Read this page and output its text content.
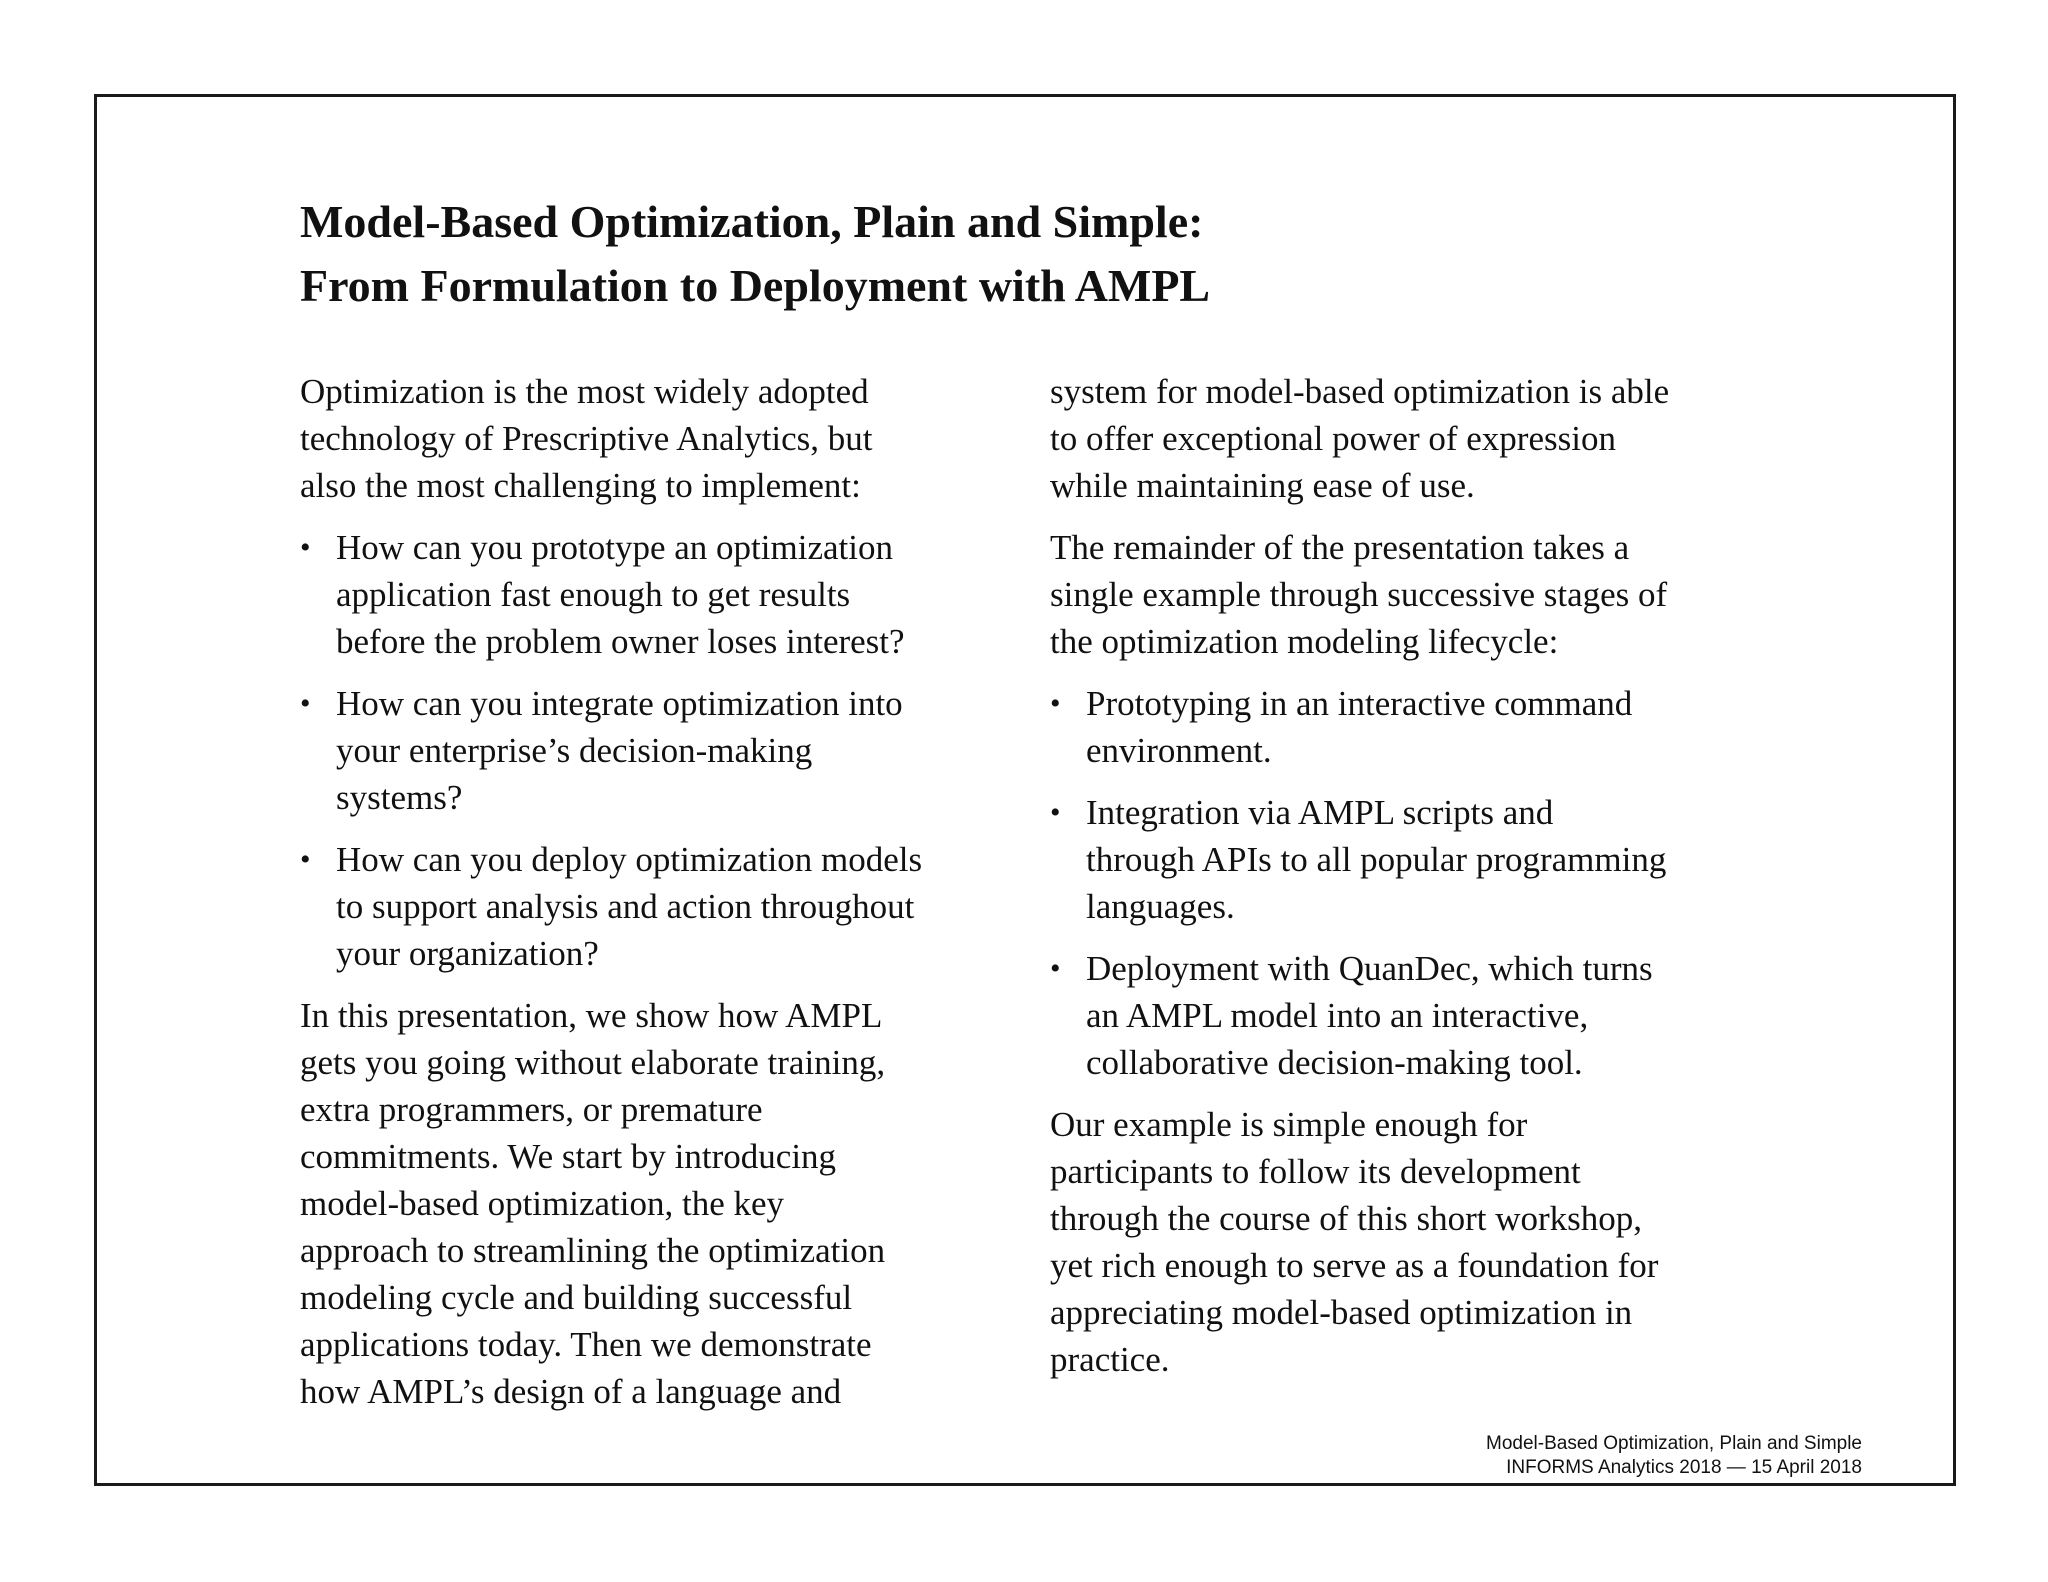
Model-Based Optimization, Plain and Simple:
From Formulation to Deployment with AMPL
Optimization is the most widely adopted
technology of Prescriptive Analytics, but
also the most challenging to implement:
• How can you prototype an optimization
application fast enough to get results
before the problem owner loses interest?
• How can you integrate optimization into
your enterprise’s decision-making
systems?
• How can you deploy optimization models
to support analysis and action throughout
your organization?
In this presentation, we show how AMPL
gets you going without elaborate training,
extra programmers, or premature
commitments. We start by introducing
model-based optimization, the key
approach to streamlining the optimization
modeling cycle and building successful
applications today. Then we demonstrate
how AMPL’s design of a language and
system for model-based optimization is able
to offer exceptional power of expression
while maintaining ease of use.
The remainder of the presentation takes a
single example through successive stages of
the optimization modeling lifecycle:
• Prototyping in an interactive command
environment.
• Integration via AMPL scripts and
through APIs to all popular programming
languages.
• Deployment with QuanDec, which turns
an AMPL model into an interactive,
collaborative decision-making tool.
Our example is simple enough for
participants to follow its development
through the course of this short workshop,
yet rich enough to serve as a foundation for
appreciating model-based optimization in
practice.
Model-Based Optimization, Plain and Simple
INFORMS Analytics 2018 — 15 April 2018
